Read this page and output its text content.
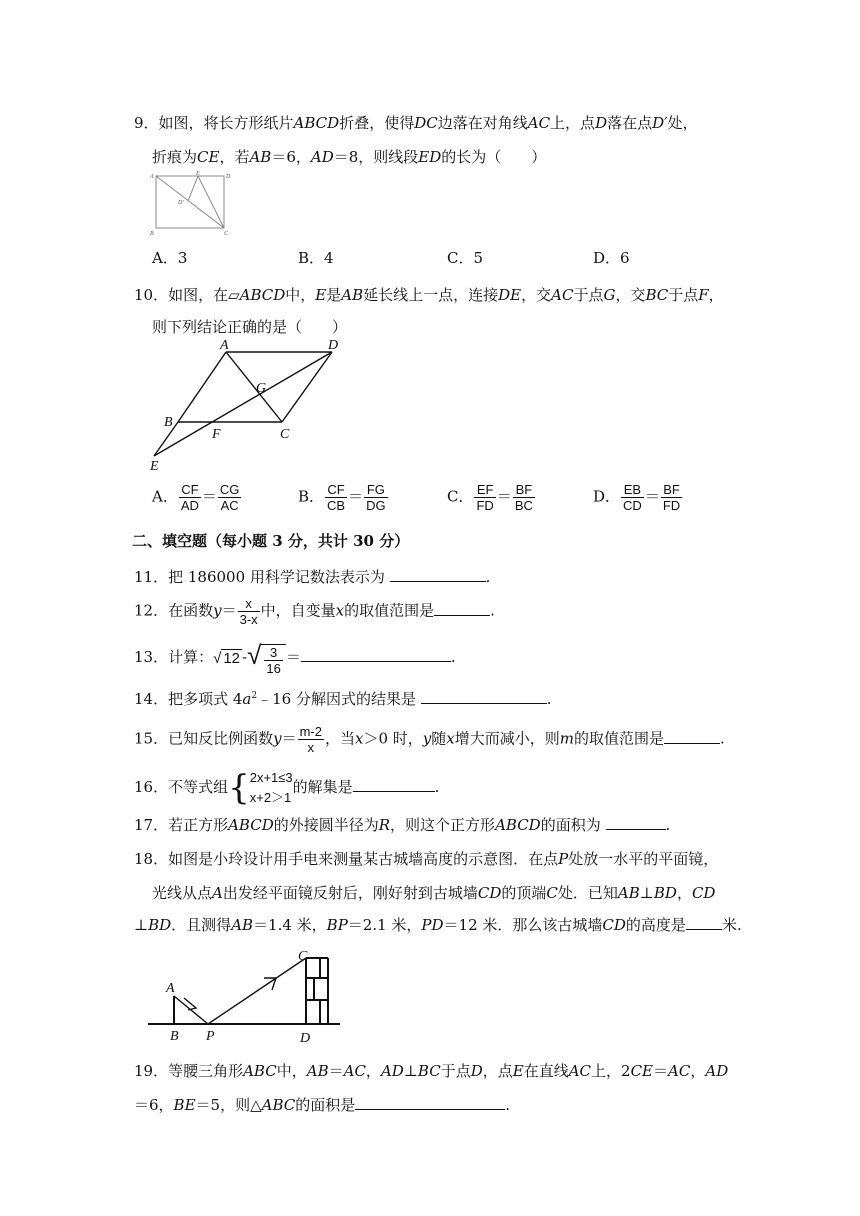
9．如图，将长方形纸片ABCD折叠，使得DC边落在对角线AC上，点D落在点D′处，
折痕为CE，若AB＝6，AD＝8，则线段ED的长为（　　）
A	E	D
D′
B	C
A．3	B．4	C．5	D．6
10．如图，在▱ABCD中，E是AB延长线上一点，连接DE，交AC于点G，交BC于点F，
则下列结论正确的是（　　）
A	D
G
B
F	C
E
A． $\frac{CF}{AD} = \frac{CG}{AC}$	B． $\frac{CF}{CB} = \frac{FG}{DG}$	C． $\frac{EF}{FD} = \frac{BF}{BC}$	D． $\frac{EB}{CD} = \frac{BF}{FD}$
二、填空题（每小题 3 分，共计 30 分）
11．把 186000 用科学记数法表示为	.
12．在函数$y= \frac{x}{3-x}$ 中，自变量x的取值范围是	.
13．计算：√ 12 -√ $\frac{3}{16}$ ＝	.
14．把多项式 $4a^2﹣16$ 分解因式的结果是	.
15．已知反比例函数$y= \frac{m-2}{x}$ ，当x＞0 时，y随x增大而减小，则m的取值范围是	.
16．不等式组{ 2x+1≤3
x+2＞1
的解集是	.
17．若正方形ABCD的外接圆半径为R，则这个正方形ABCD的面积为	.
18．如图是小玲设计用手电来测量某古城墙高度的示意图．在点P处放一水平的平面镜，
光线从点A出发经平面镜反射后，刚好射到古城墙CD的顶端C处．已知AB⊥BD，CD
⊥BD．且测得AB＝1.4 米，BP＝2.1 米，PD＝12 米．那么该古城墙CD的高度是 米.
A
B P
C
D
19．等腰三角形ABC中，AB＝AC，AD⊥BC于点D，点E在直线AC上，2CE＝AC，AD
＝6，BE＝5，则△ABC的面积是	.
